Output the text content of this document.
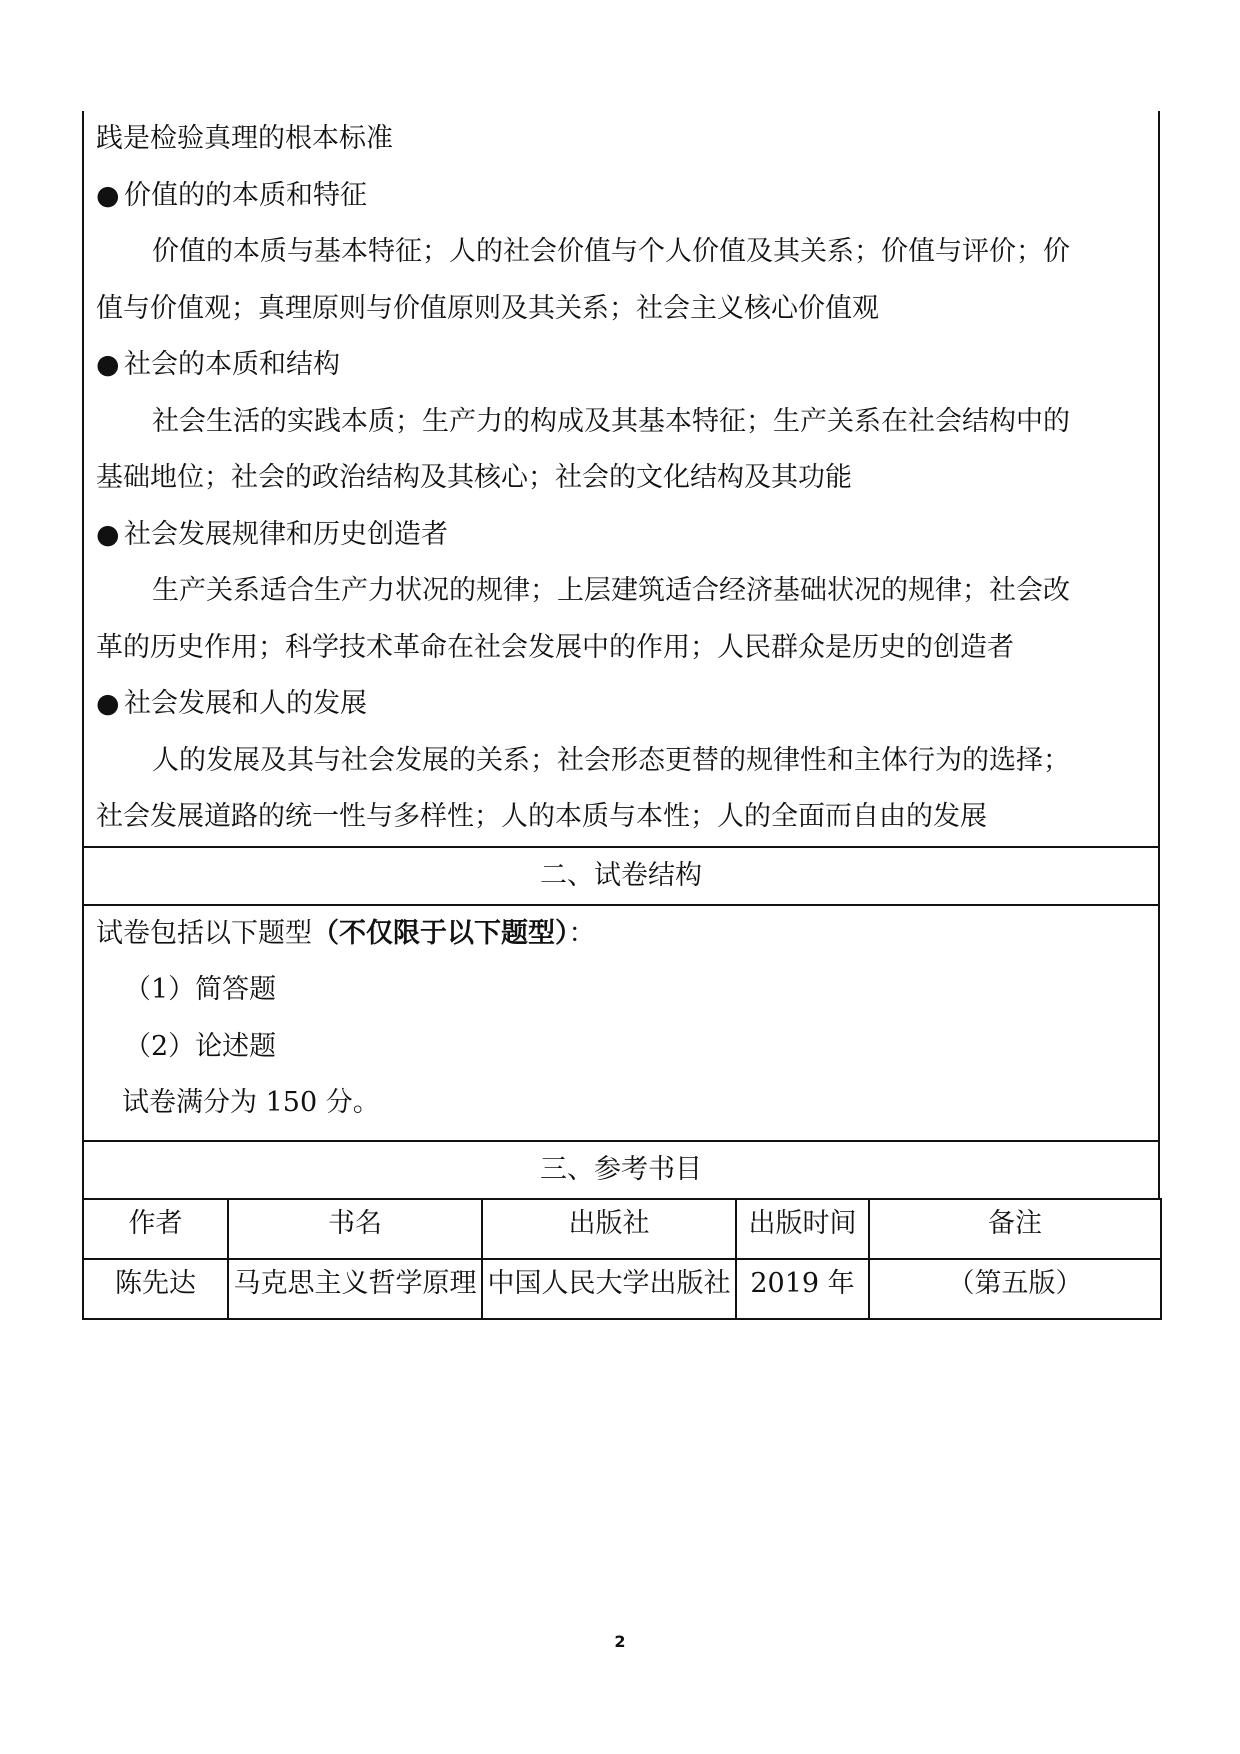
践是检验真理的根本标准
● 价值的的本质和特征
价值的本质与基本特征；人的社会价值与个人价值及其关系；价值与评价；价
值与价值观；真理原则与价值原则及其关系；社会主义核心价值观
● 社会的本质和结构
社会生活的实践本质；生产力的构成及其基本特征；生产关系在社会结构中的
基础地位；社会的政治结构及其核心；社会的文化结构及其功能
● 社会发展规律和历史创造者
生产关系适合生产力状况的规律；上层建筑适合经济基础状况的规律；社会改
革的历史作用；科学技术革命在社会发展中的作用；人民群众是历史的创造者
● 社会发展和人的发展
人的发展及其与社会发展的关系；社会形态更替的规律性和主体行为的选择；
社会发展道路的统一性与多样性；人的本质与本性；人的全面而自由的发展
二、试卷结构
试卷包括以下题型（不仅限于以下题型）：
（1）简答题
（2）论述题
试卷满分为 150 分。
三、参考书目
作者	书名	出版社	出版时间	备注
陈先达	马克思主义哲学原理	中国人民大学出版社	2019 年	（第五版）
2
